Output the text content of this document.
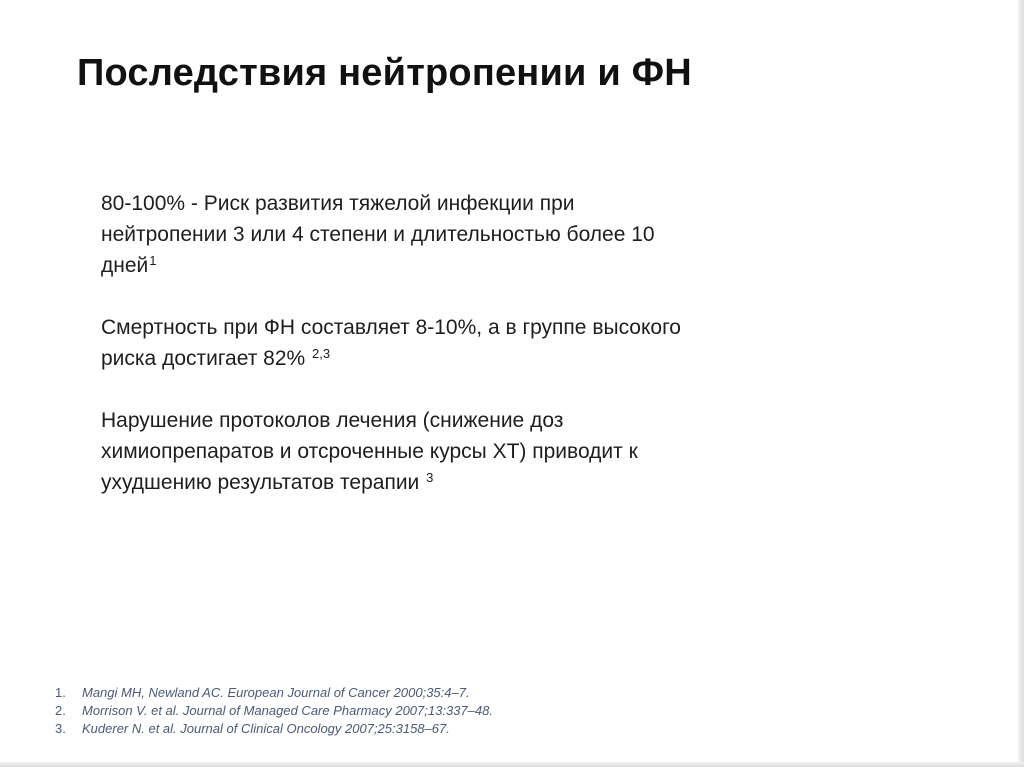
Последствия нейтропении и ФН

80-100% - Риск развития тяжелой инфекции при
нейтропении 3 или 4 степени и длительностью более 10
дней$^1$

Смертность при ФН составляет 8-10%, а в группе высокого
риска достигает 82% $^{2,3}$

Нарушение протоколов лечения (снижение доз
химиопрепаратов и отсроченные курсы ХТ) приводит к
ухудшению результатов терапии $^3$

1.	Mangi MH, Newland AC. European Journal of Cancer 2000;35:4–7.
2.	Morrison V. et al. Journal of Managed Care Pharmacy 2007;13:337–48.
3.	Kuderer N. et al. Journal of Clinical Oncology 2007;25:3158–67.
